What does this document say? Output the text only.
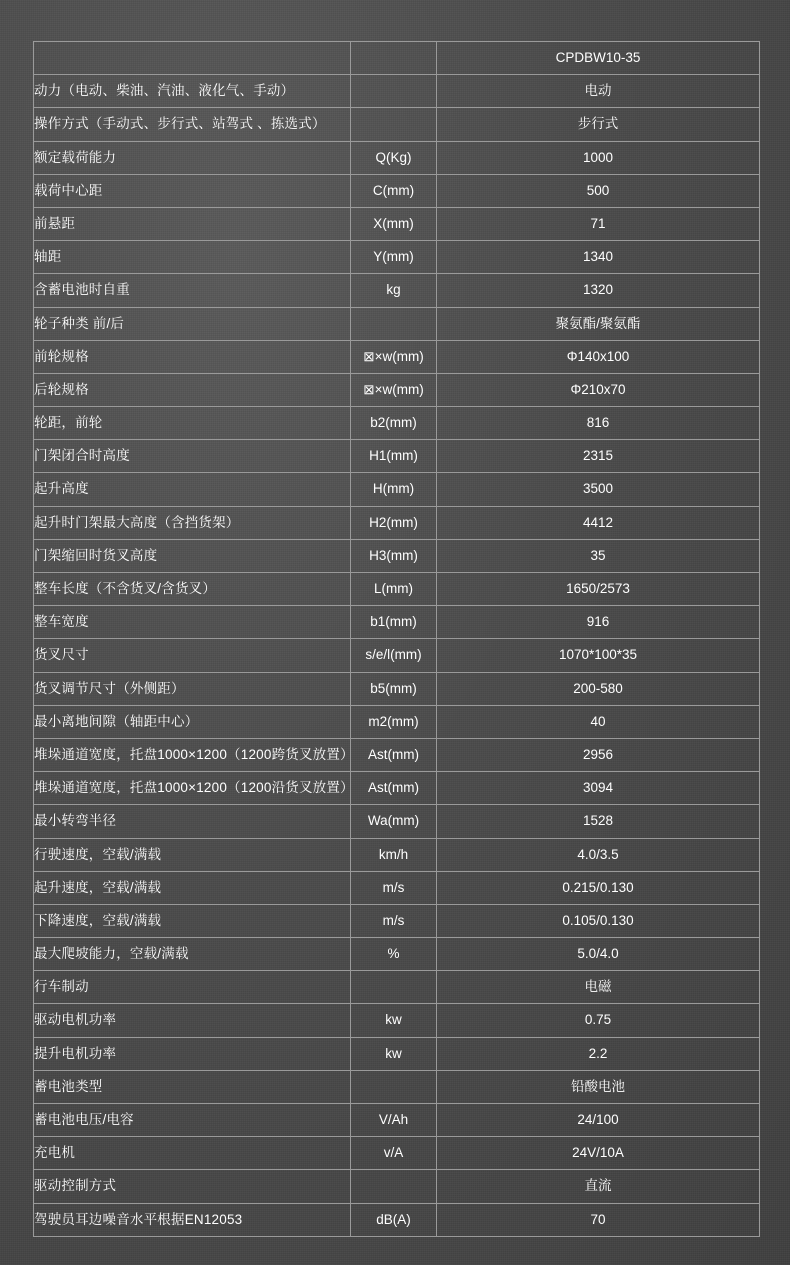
		CPDBW10-35
动力（电动、柴油、汽油、液化气、手动）		电动
操作方式（手动式、步行式、站驾式 、拣选式）		步行式
额定载荷能力	Q(Kg)	1000
载荷中心距	C(mm)	500
前悬距	X(mm)	71
轴距	Y(mm)	1340
含蓄电池时自重	kg	1320
轮子种类 前/后		聚氨酯/聚氨酯
前轮规格	⊠×w(mm)	Φ140x100
后轮规格	⊠×w(mm)	Φ210x70
轮距，前轮	b2(mm)	816
门架闭合时高度	H1(mm)	2315
起升高度	H(mm)	3500
起升时门架最大高度（含挡货架）	H2(mm)	4412
门架缩回时货叉高度	H3(mm)	35
整车长度（不含货叉/含货叉）	L(mm)	1650/2573
整车宽度	b1(mm)	916
货叉尺寸	s/e/l(mm)	1070*100*35
货叉调节尺寸（外侧距）	b5(mm)	200-580
最小离地间隙（轴距中心）	m2(mm)	40
堆垛通道宽度，托盘1000×1200（1200跨货叉放置）	Ast(mm)	2956
堆垛通道宽度，托盘1000×1200（1200沿货叉放置）	Ast(mm)	3094
最小转弯半径	Wa(mm)	1528
行驶速度，空载/满载	km/h	4.0/3.5
起升速度，空载/满载	m/s	0.215/0.130
下降速度，空载/满载	m/s	0.105/0.130
最大爬坡能力，空载/满载	%	5.0/4.0
行车制动		电磁
驱动电机功率	kw	0.75
提升电机功率	kw	2.2
蓄电池类型		铅酸电池
蓄电池电压/电容	V/Ah	24/100
充电机	v/A	24V/10A
驱动控制方式		直流
驾驶员耳边噪音水平根据EN12053	dB(A)	70
